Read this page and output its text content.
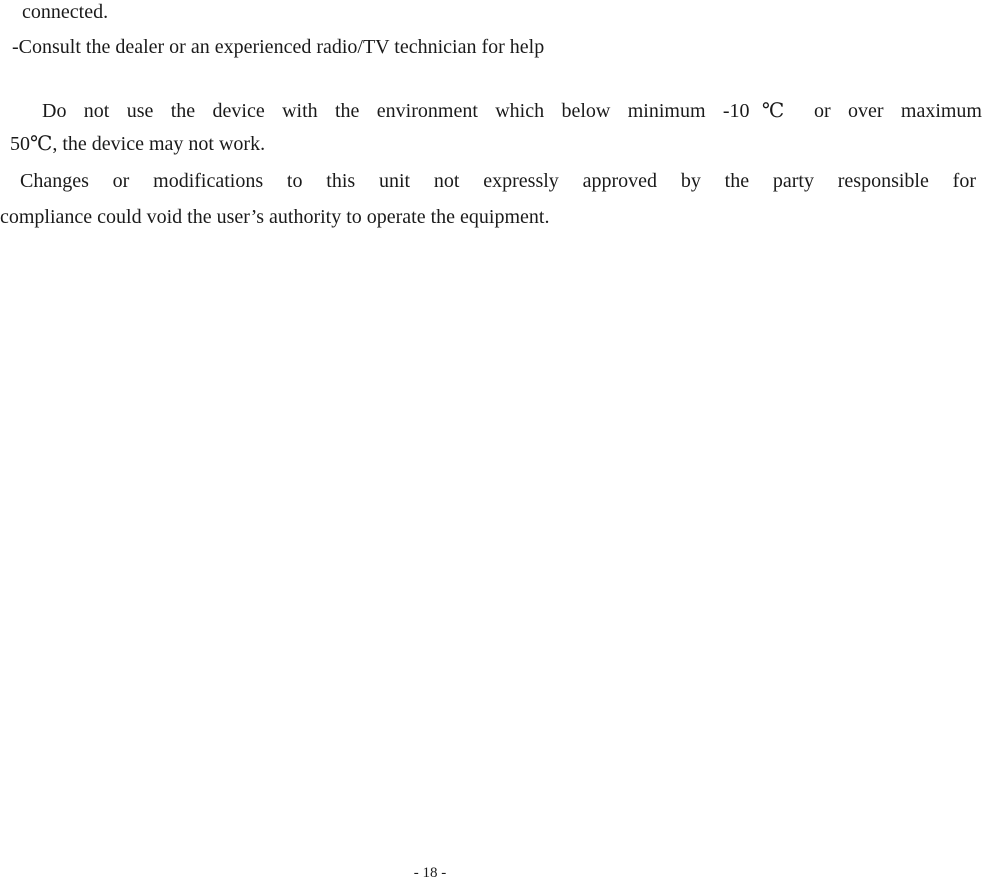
connected.
-Consult the dealer or an experienced radio/TV technician for help
Do not use the device with the environment which below minimum -10℃ or over maximum
50℃, the device may not work.
Changes or modifications to this unit not expressly approved by the party responsible for
compliance could void the user’s authority to operate the equipment.
- 18 -
